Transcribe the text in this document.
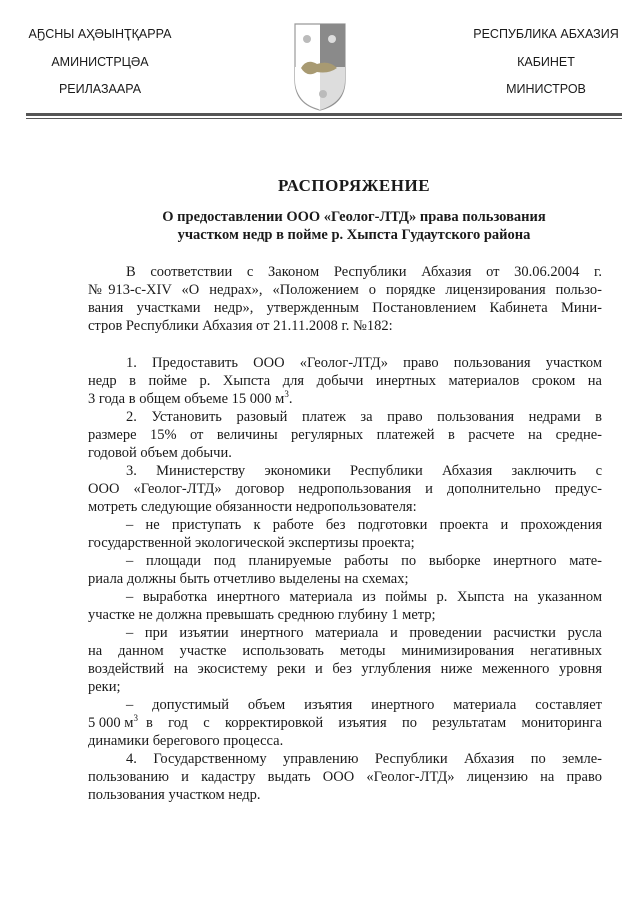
АҔСНЫ АҲӘЫНҬҚАРРА
АМИНИСТРЦӘА
РЕИЛАЗААРА
РЕСПУБЛИКА АБХАЗИЯ
КАБИНЕТ
МИНИСТРОВ
РАСПОРЯЖЕНИЕ
О предоставлении ООО «Геолог-ЛТД» права пользования
участком недр в пойме р. Хыпста Гудаутского района
В соответствии с Законом Республики Абхазия от 30.06.2004 г.
№913-с-XIV «О недрах», «Положением о порядке лицензирования пользо-
вания участками недр», утвержденным Постановлением Кабинета Мини-
стров Республики Абхазия от 21.11.2008 г. №182:
1. Предоставить ООО «Геолог-ЛТД» право пользования участком
недр в пойме р. Хыпста для добычи инертных материалов сроком на
3 года в общем объеме 15 000 $м^3$.
2. Установить разовый платеж за право пользования недрами в
размере 15% от величины регулярных платежей в расчете на средне-
годовой объем добычи.
3. Министерству экономики Республики Абхазия заключить с
ООО «Геолог-ЛТД» договор недропользования и дополнительно предус-
мотреть следующие обязанности недропользователя:
– не приступать к работе без подготовки проекта и прохождения
государственной экологической экспертизы проекта;
– площади под планируемые работы по выборке инертного мате-
риала должны быть отчетливо выделены на схемах;
– выработка инертного материала из поймы р. Хыпста на указанном
участке не должна превышать среднюю глубину 1 метр;
– при изъятии инертного материала и проведении расчистки русла
на данном участке использовать методы минимизирования негативных
воздействий на экосистему реки и без углубления ниже меженного уровня
реки;
– допустимый объем изъятия инертного материала составляет
5 000 $м^3$ в год с корректировкой изъятия по результатам мониторинга
динамики берегового процесса.
4. Государственному управлению Республики Абхазия по земле-
пользованию и кадастру выдать ООО «Геолог-ЛТД» лицензию на право
пользования участком недр.
